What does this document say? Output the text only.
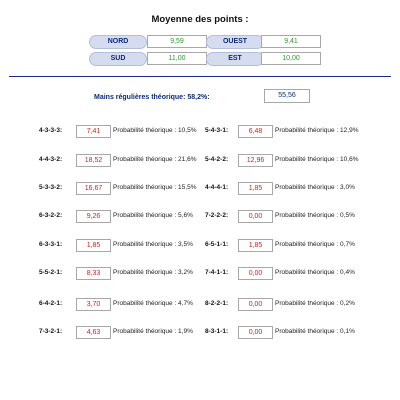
Moyenne des points :
NORD	9,59	OUEST	9,41
SUD	11,00	EST	10,00
Mains régulières théorique: 58,2%:	55,56
4-3-3-3:	7,41	Probabilité théorique : 10,5%
4-4-3-2:	18,52	Probabilité théorique : 21,6%
5-3-3-2:	16,67	Probabilité théorique : 15,5%
6-3-2-2:	9,26	Probabilité théorique : 5,6%
6-3-3-1:	1,85	Probabilité théorique : 3,5%
5-5-2-1:	8,33	Probabilité théorique : 3,2%
6-4-2-1:	3,70	Probabilité théorique : 4,7%
7-3-2-1:	4,63	Probabilité théorique : 1,9%
5-4-3-1:	6,48	Probabilité théorique : 12,9%
5-4-2-2:	12,96	Probabilité théorique : 10,6%
4-4-4-1:	1,85	Probabilité théorique : 3,0%
7-2-2-2:	0,00	Probabilité théorique : 0,5%
6-5-1-1:	1,85	Probabilité théorique : 0,7%
7-4-1-1:	0,00	Probabilité théorique : 0,4%
8-2-2-1:	0,00	Probabilité théorique : 0,2%
8-3-1-1:	0,00	Probabilité théorique : 0,1%
